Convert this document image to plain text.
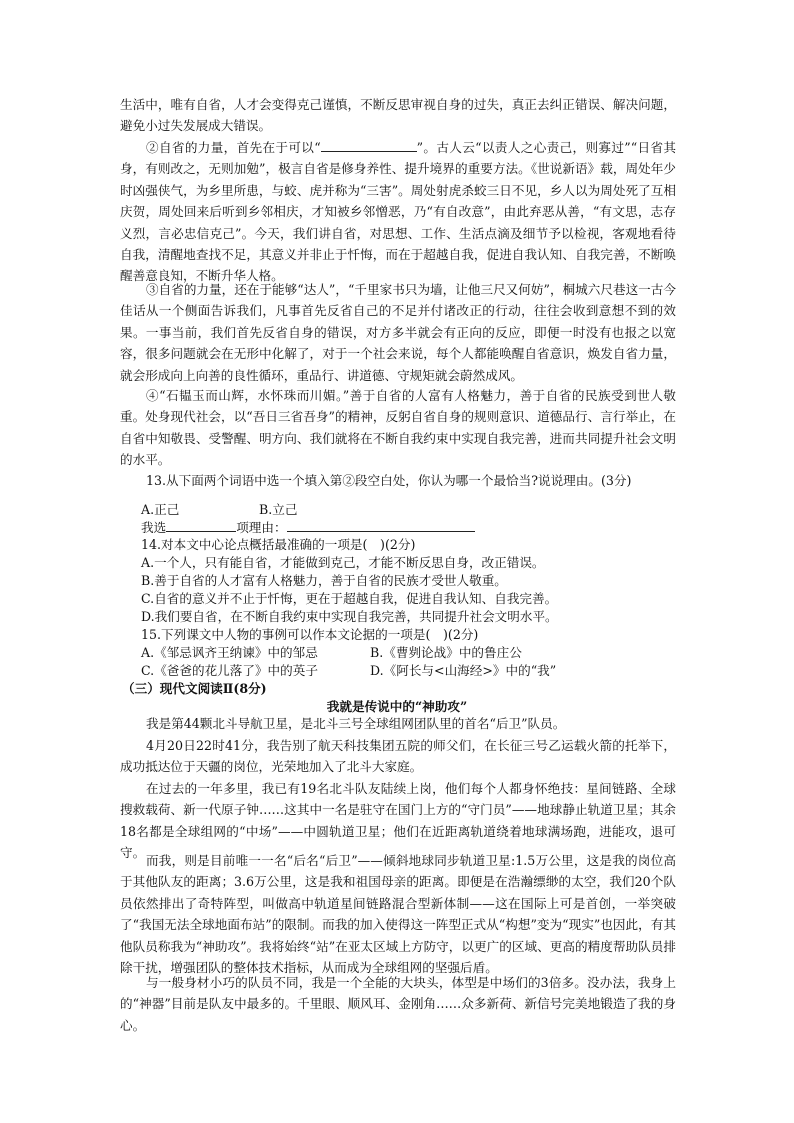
生活中，唯有自省，人才会变得克己谨慎，不断反思审视自身的过失，真正去纠正错误、解决问题，避免小过失发展成大错误。

②自省的力量，首先在于可以“	”。古人云“以责人之心责己，则寡过”“日省其身，有则改之，无则加勉”，极言自省是修身养性、提升境界的重要方法。《世说新语》载，周处年少时凶强侠气，为乡里所患，与蛟、虎并称为“三害”。周处射虎杀蛟三日不见，乡人以为周处死了互相庆贺，周处回来后听到乡邻相庆，才知被乡邻憎恶，乃“有自改意”，由此弃恶从善，“有文思，志存义烈，言必忠信克己”。今天，我们讲自省，对思想、工作、生活点滴及细节予以检视，客观地看待自我，清醒地查找不足，其意义并非止于忏悔，而在于超越自我，促进自我认知、自我完善，不断唤醒善意良知，不断升华人格。

③自省的力量，还在于能够“达人”，“千里家书只为墙，让他三尺又何妨”，桐城六尺巷这一古今佳话从一个侧面告诉我们，凡事首先反省自己的不足并付诸改正的行动，往往会收到意想不到的效果。一事当前，我们首先反省自身的错误，对方多半就会有正向的反应，即便一时没有也报之以宽容，很多问题就会在无形中化解了，对于一个社会来说，每个人都能唤醒自省意识，焕发自省力量，就会形成向上向善的良性循环，重品行、讲道德、守规矩就会蔚然成风。

④“石韫玉而山辉，水怀珠而川媚。”善于自省的人富有人格魅力，善于自省的民族受到世人敬重。处身现代社会，以“吾日三省吾身”的精神，反躬自省自身的规则意识、道德品行、言行举止，在自省中知敬畏、受警醒、明方向、我们就将在不断自我约束中实现自我完善，进而共同提升社会文明的水平。

13.从下面两个词语中选一个填入第②段空白处，你认为哪一个最恰当?说说理由。(3分)

A.正己	B.立己
我选	项理由：
14.对本文中心论点概括最准确的一项是(　)(2分)
A.一个人，只有能自省，才能做到克己，才能不断反思自身，改正错误。
B.善于自省的人才富有人格魅力，善于自省的民族才受世人敬重。
C.自省的意义并不止于忏悔，更在于超越自我，促进自我认知、自我完善。
D.我们要自省，在不断自我约束中实现自我完善，共同提升社会文明水平。
15.下列课文中人物的事例可以作本文论据的一项是(　)(2分)
A.《邹忌讽齐王纳谏》中的邹忌	B.《曹刿论战》中的鲁庄公
C.《爸爸的花儿落了》中的英子	D.《阿长与<山海经>》中的“我”
（三）现代文阅读Ⅱ(8分)
我就是传说中的“神助攻”

我是第44颗北斗导航卫星，是北斗三号全球组网团队里的首名“后卫”队员。

4月20日22时41分，我告别了航天科技集团五院的师父们，在长征三号乙运载火箭的托举下，成功抵达位于天疆的岗位，光荣地加入了北斗大家庭。

在过去的一年多里，我已有19名北斗队友陆续上岗，他们每个人都身怀绝技：星间链路、全球搜救载荷、新一代原子钟……这其中一名是驻守在国门上方的“守门员”——地球静止轨道卫星；其余18名都是全球组网的“中场”——中圆轨道卫星；他们在近距离轨道绕着地球满场跑，进能攻，退可守。

而我，则是目前唯一一名“后名“后卫”——倾斜地球同步轨道卫星:1.5万公里，这是我的岗位高于其他队友的距离；3.6万公里，这是我和祖国母亲的距离。即便是在浩瀚缥缈的太空，我们20个队员依然排出了奇特阵型，叫做高中轨道星间链路混合型新体制——这在国际上可是首创，一举突破了“我国无法全球地面布站”的限制。而我的加入使得这一阵型正式从“构想”变为“现实”也因此，有其他队员称我为“神助攻”。我将始终“站”在亚太区域上方防守，以更广的区域、更高的精度帮助队员排除干扰，增强团队的整体技术指标，从而成为全球组网的坚强后盾。

与一般身材小巧的队员不同，我是一个全能的大块头，体型是中场们的3倍多。没办法，我身上的“神器”目前是队友中最多的。千里眼、顺风耳、金刚角……众多新荷、新信号完美地锻造了我的身心。
